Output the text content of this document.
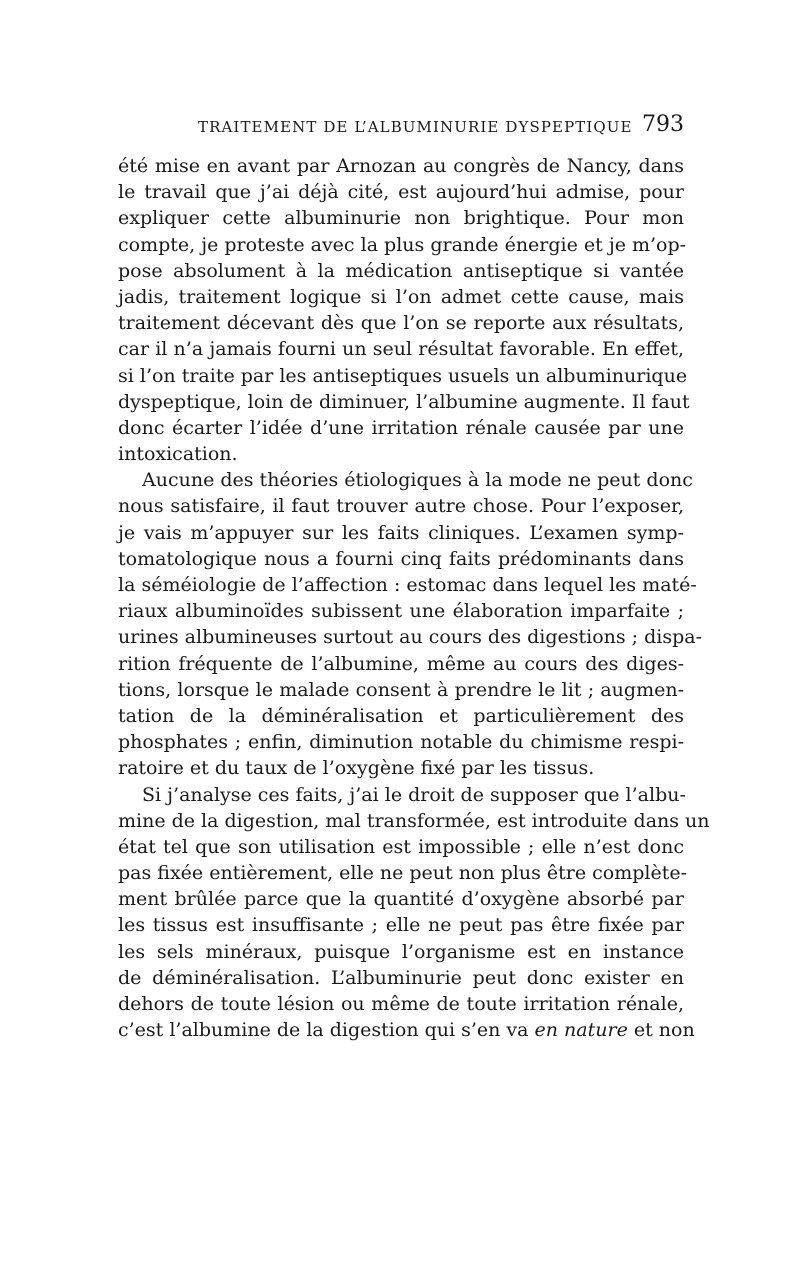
TRAITEMENT DE L’ALBUMINURIE DYSPEPTIQUE 793
été mise en avant par Arnozan au congrès de Nancy, dans
le travail que j’ai déjà cité, est aujourd’hui admise, pour
expliquer cette albuminurie non brightique. Pour mon
compte, je proteste avec la plus grande énergie et je m’op-
pose absolument à la médication antiseptique si vantée
jadis, traitement logique si l’on admet cette cause, mais
traitement décevant dès que l’on se reporte aux résultats,
car il n’a jamais fourni un seul résultat favorable. En effet,
si l’on traite par les antiseptiques usuels un albuminurique
dyspeptique, loin de diminuer, l’albumine augmente. Il faut
donc écarter l’idée d’une irritation rénale causée par une
intoxication.
Aucune des théories étiologiques à la mode ne peut donc
nous satisfaire, il faut trouver autre chose. Pour l’exposer,
je vais m’appuyer sur les faits cliniques. L’examen symp-
tomatologique nous a fourni cinq faits prédominants dans
la séméiologie de l’affection : estomac dans lequel les maté-
riaux albuminoïdes subissent une élaboration imparfaite ;
urines albumineuses surtout au cours des digestions ; dispa-
rition fréquente de l’albumine, même au cours des diges-
tions, lorsque le malade consent à prendre le lit ; augmen-
tation de la déminéralisation et particulièrement des
phosphates ; enfin, diminution notable du chimisme respi-
ratoire et du taux de l’oxygène fixé par les tissus.
Si j’analyse ces faits, j’ai le droit de supposer que l’albu-
mine de la digestion, mal transformée, est introduite dans un
état tel que son utilisation est impossible ; elle n’est donc
pas fixée entièrement, elle ne peut non plus être complète-
ment brûlée parce que la quantité d’oxygène absorbé par
les tissus est insuffisante ; elle ne peut pas être fixée par
les sels minéraux, puisque l’organisme est en instance
de déminéralisation. L’albuminurie peut donc exister en
dehors de toute lésion ou même de toute irritation rénale,
c’est l’albumine de la digestion qui s’en va en nature et non
